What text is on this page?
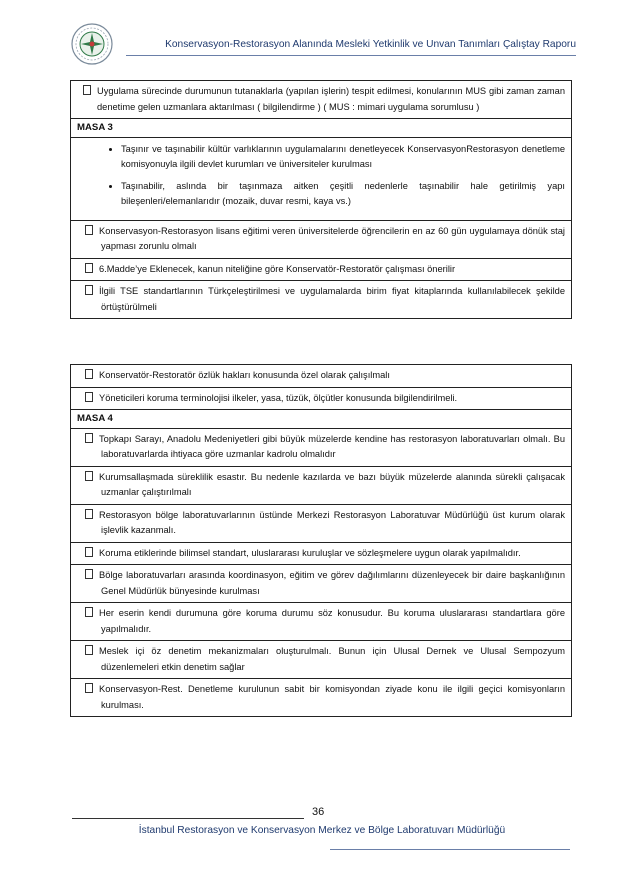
Konservasyon-Restorasyon Alanında Mesleki Yetkinlik ve Unvan Tanımları Çalıştay Raporu
Uygulama sürecinde durumunun tutanaklarla (yapılan işlerin) tespit edilmesi, konularının MUS gibi zaman zaman denetime gelen uzmanlara aktarılması ( bilgilendirme ) ( MUS : mimari uygulama sorumlusu )

MASA 3

• Taşınır ve taşınabilir kültür varlıklarının uygulamalarını denetleyecek KonservasyonRestorasyon denetleme komisyonuyla ilgili devlet kurumları ve üniversiteler kurulması
• Taşınabilir, aslında bir taşınmaza aitken çeşitli nedenlerle taşınabilir hale getirilmiş yapı bileşenleri/elemanlarıdır (mozaik, duvar resmi, kaya vs.)

Konservasyon-Restorasyon lisans eğitimi veren üniversitelerde öğrencilerin en az 60 gün uygulamaya dönük staj yapması zorunlu olmalı

6.Madde’ye Eklenecek, kanun niteliğine göre Konservatör-Restoratör çalışması önerilir

İlgili TSE standartlarının Türkçeleştirilmesi ve uygulamalarda birim fiyat kitaplarında kullanılabilecek şekilde örtüştürülmeli
Konservatör-Restoratör özlük hakları konusunda özel olarak çalışılmalı

Yöneticileri koruma terminolojisi ilkeler, yasa, tüzük, ölçütler konusunda bilgilendirilmeli.

MASA 4

Topkapı Sarayı, Anadolu Medeniyetleri gibi büyük müzelerde kendine has restorasyon laboratuvarları olmalı. Bu laboratuvarlarda ihtiyaca göre uzmanlar kadrolu olmalıdır

Kurumsallaşmada süreklilik esastır. Bu nedenle kazılarda ve bazı büyük müzelerde alanında sürekli çalışacak uzmanlar çalıştırılmalı

Restorasyon bölge laboratuvarlarının üstünde Merkezi Restorasyon Laboratuvar Müdürlüğü üst kurum olarak işlevlik kazanmalı.

Koruma etiklerinde bilimsel standart, uluslararası kuruluşlar ve sözleşmelere uygun olarak yapılmalıdır.

Bölge laboratuvarları arasında koordinasyon, eğitim ve görev dağılımlarını düzenleyecek bir daire başkanlığının Genel Müdürlük bünyesinde kurulması

Her eserin kendi durumuna göre koruma durumu söz konusudur. Bu koruma uluslararası standartlara göre yapılmalıdır.

Meslek içi öz denetim mekanizmaları oluşturulmalı. Bunun için Ulusal Dernek ve Ulusal Sempozyum düzenlemeleri etkin denetim sağlar

Konservasyon-Rest. Denetleme kurulunun sabit bir komisyondan ziyade konu ile ilgili geçici komisyonların kurulması.
36
İstanbul Restorasyon ve Konservasyon Merkez ve Bölge Laboratuvarı Müdürlüğü
